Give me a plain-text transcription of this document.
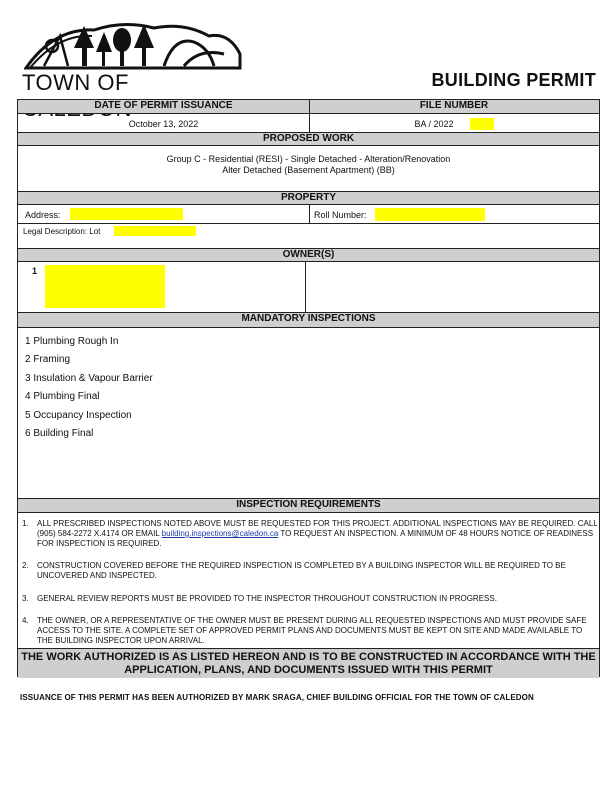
TOWN OF	BUILDING PERMIT
DATE OF PERMIT ISSUANCE	FILE NUMBER
October 13, 2022	BA / 2022
PROPOSED WORK
Group C - Residential (RESI) - Single Detached - Alteration/Renovation
Alter Detached (Basement Apartment) (BB)
PROPERTY
Address:	Roll Number:
Legal Description: Lot
OWNER(S)
1
MANDATORY INSPECTIONS
1 Plumbing Rough In
2 Framing
3 Insulation & Vapour Barrier
4 Plumbing Final
5 Occupancy Inspection
6 Building Final
INSPECTION REQUIREMENTS
1. ALL PRESCRIBED INSPECTIONS NOTED ABOVE MUST BE REQUESTED FOR THIS PROJECT. ADDITIONAL INSPECTIONS MAY BE REQUIRED. CALL (905) 584-2272 X.4174 OR EMAIL building.inspections@caledon.ca TO REQUEST AN INSPECTION. A MINIMUM OF 48 HOURS NOTICE OF READINESS FOR INSPECTION IS REQUIRED.
2. CONSTRUCTION COVERED BEFORE THE REQUIRED INSPECTION IS COMPLETED BY A BUILDING INSPECTOR WILL BE REQUIRED TO BE UNCOVERED AND INSPECTED.
3. GENERAL REVIEW REPORTS MUST BE PROVIDED TO THE INSPECTOR THROUGHOUT CONSTRUCTION IN PROGRESS.
4. THE OWNER, OR A REPRESENTATIVE OF THE OWNER MUST BE PRESENT DURING ALL REQUESTED INSPECTIONS AND MUST PROVIDE SAFE ACCESS TO THE SITE. A COMPLETE SET OF APPROVED PERMIT PLANS AND DOCUMENTS MUST BE KEPT ON SITE AND MADE AVAILABLE TO THE BUILDING INSPECTOR UPON ARRIVAL.
THE WORK AUTHORIZED IS AS LISTED HEREON AND IS TO BE CONSTRUCTED IN ACCORDANCE WITH THE
APPLICATION, PLANS, AND DOCUMENTS ISSUED WITH THIS PERMIT
ISSUANCE OF THIS PERMIT HAS BEEN AUTHORIZED BY MARK SRAGA, CHIEF BUILDING OFFICIAL FOR THE TOWN OF CALEDON
